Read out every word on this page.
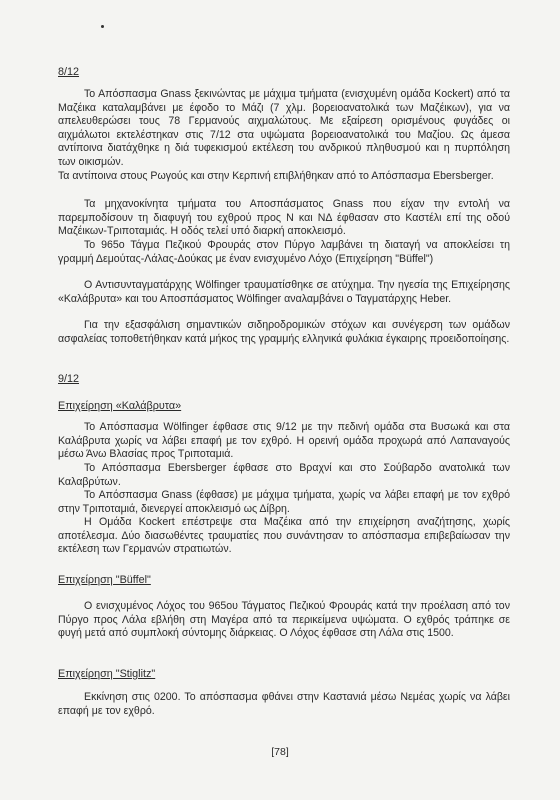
8/12

Το Απόσπασμα Gnass ξεκινώντας με μάχιμα τμήματα (ενισχυμένη ομάδα Kockert) από τα Μαζέικα καταλαμβάνει με έφοδο το Μάζι (7 χλμ. βορειοανατολικά των Μαζέικων), για να απελευθερώσει τους 78 Γερμανούς αιχμαλώτους. Με εξαίρεση ορισμένους φυγάδες οι αιχμάλωτοι εκτελέστηκαν στις 7/12 στα υψώματα βορειοανατολικά του Μαζίου. Ως άμεσα αντίποινα διατάχθηκε η διά τυφεκισμού εκτέλεση του ανδρικού πληθυσμού και η πυρπόληση των οικισμών.

Τα αντίποινα στους Ρωγούς και στην Κερπινή επιβλήθηκαν από το Απόσπασμα Ebersberger.

Τα μηχανοκίνητα τμήματα του Αποσπάσματος Gnass που είχαν την εντολή να παρεμποδίσουν τη διαφυγή του εχθρού προς Ν και ΝΔ έφθασαν στο Καστέλι επί της οδού Μαζέικων-Τριποταμιάς. Η οδός τελεί υπό διαρκή αποκλεισμό.

Το 965ο Τάγμα Πεζικού Φρουράς στον Πύργο λαμβάνει τη διαταγή να αποκλείσει τη γραμμή Δεμούτας-Λάλας-Δούκας με έναν ενισχυμένο Λόχο (Επιχείρηση "Büffel")

Ο Αντισυνταγματάρχης Wölfinger τραυματίσθηκε σε ατύχημα. Την ηγεσία της Επιχείρησης «Καλάβρυτα» και του Αποσπάσματος Wölfinger αναλαμβάνει ο Ταγματάρχης Heber.

Για την εξασφάλιση σημαντικών σιδηροδρομικών στόχων και συνέγερση των ομάδων ασφαλείας τοποθετήθηκαν κατά μήκος της γραμμής ελληνικά φυλάκια έγκαιρης προειδοποίησης.

9/12

Επιχείρηση «Καλάβρυτα»

Το Απόσπασμα Wölfinger έφθασε στις 9/12 με την πεδινή ομάδα στα Βυσωκά και στα Καλάβρυτα χωρίς να λάβει επαφή με τον εχθρό. Η ορεινή ομάδα προχωρά από Λαπαναγούς μέσω Άνω Βλασίας προς Τριποταμιά.

Το Απόσπασμα Ebersberger έφθασε στο Βραχνί και στο Σούβαρδο ανατολικά των Καλαβρύτων.

Το Απόσπασμα Gnass (έφθασε) με μάχιμα τμήματα, χωρίς να λάβει επαφή με τον εχθρό στην Τριποταμιά, διενεργεί αποκλεισμό ως Δίβρη.

Η Ομάδα Kockert επέστρεψε στα Μαζέικα από την επιχείρηση αναζήτησης, χωρίς αποτέλεσμα. Δύο διασωθέντες τραυματίες που συνάντησαν το απόσπασμα επιβεβαίωσαν την εκτέλεση των Γερμανών στρατιωτών.

Επιχείρηση "Büffel"

Ο ενισχυμένος Λόχος του 965ου Τάγματος Πεζικού Φρουράς κατά την προέλαση από τον Πύργο προς Λάλα εβλήθη στη Μαγέρα από τα περικείμενα υψώματα. Ο εχθρός τράπηκε σε φυγή μετά από συμπλοκή σύντομης διάρκειας. Ο Λόχος έφθασε στη Λάλα στις 1500.

Επιχείρηση "Stiglitz"

Εκκίνηση στις 0200. Το απόσπασμα φθάνει στην Καστανιά μέσω Νεμέας χωρίς να λάβει επαφή με τον εχθρό.

[78]
